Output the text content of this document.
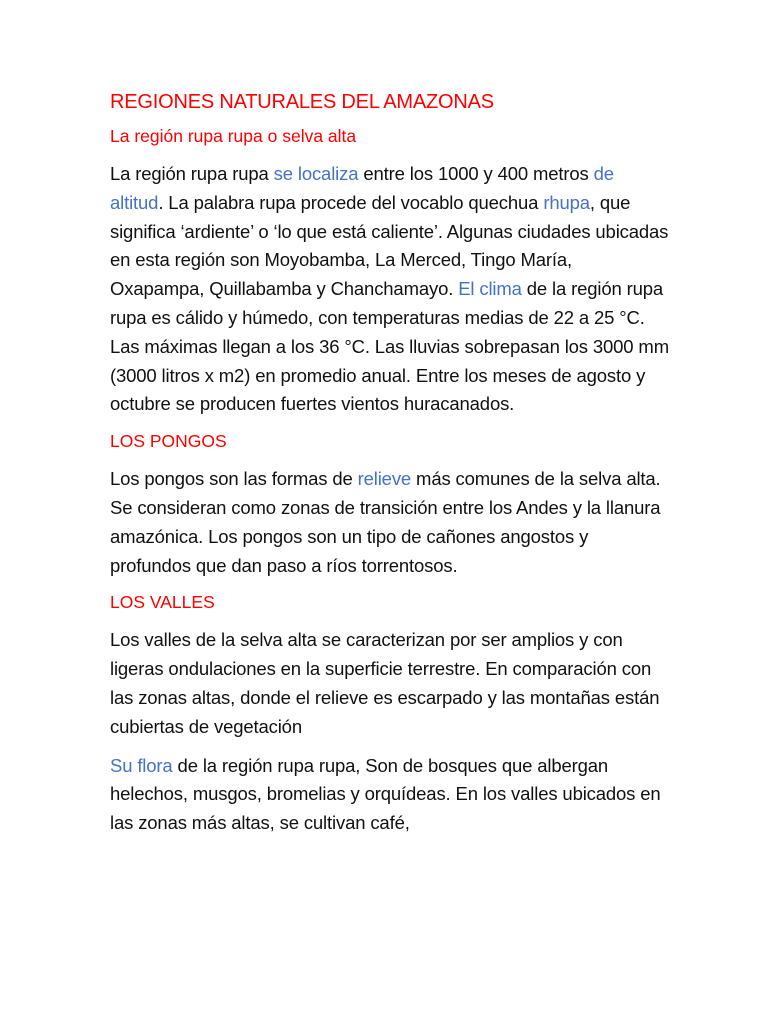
REGIONES NATURALES DEL AMAZONAS
La región rupa rupa o selva alta

La región rupa rupa se localiza entre los 1000 y 400 metros de altitud. La palabra rupa procede del vocablo quechua rhupa, que significa ‘ardiente’ o ‘lo que está caliente’. Algunas ciudades ubicadas en esta región son Moyobamba, La Merced, Tingo María, Oxapampa, Quillabamba y Chanchamayo. El clima de la región rupa rupa es cálido y húmedo, con temperaturas medias de 22 a 25 °C. Las máximas llegan a los 36 °C. Las lluvias sobrepasan los 3000 mm (3000 litros x m2) en promedio anual. Entre los meses de agosto y octubre se producen fuertes vientos huracanados.

LOS PONGOS

Los pongos son las formas de relieve más comunes de la selva alta. Se consideran como zonas de transición entre los Andes y la llanura amazónica. Los pongos son un tipo de cañones angostos y profundos que dan paso a ríos torrentosos.

LOS VALLES

Los valles de la selva alta se caracterizan por ser amplios y con ligeras ondulaciones en la superficie terrestre. En comparación con las zonas altas, donde el relieve es escarpado y las montañas están cubiertas de vegetación

Su flora de la región rupa rupa, Son de bosques que albergan helechos, musgos, bromelias y orquídeas. En los valles ubicados en las zonas más altas, se cultivan café,
